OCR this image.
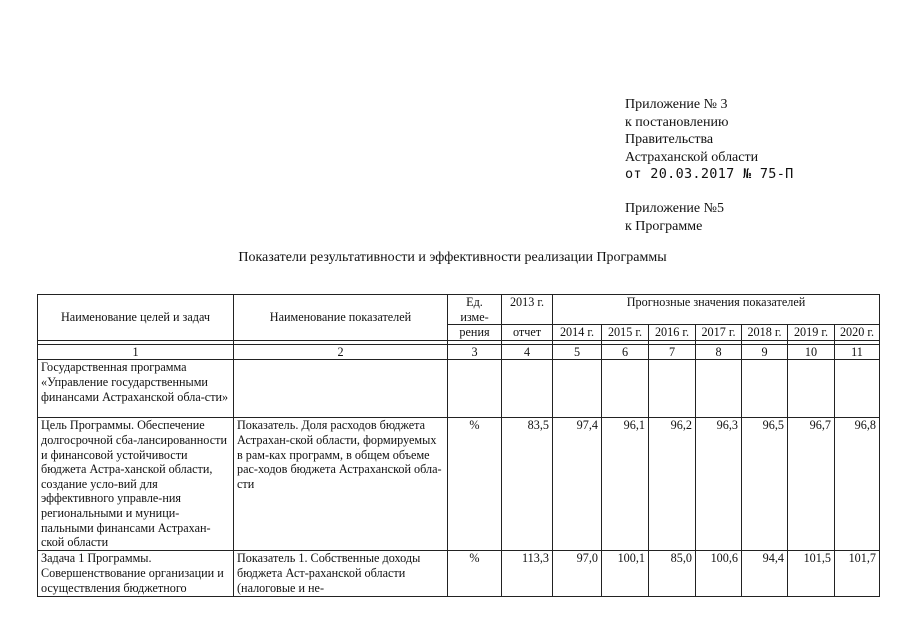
Приложение № 3
к постановлению
Правительства
Астраханской области
от 20.03.2017 № 75-П
Приложение №5
к Программе
Показатели результативности и эффективности реализации Программы
Наименование целей и задач	Наименование показателей	Ед. изме-	2013 г.	Прогнозные значения показателей						
		рения	отчет	2014 г.	2015 г.	2016 г.	2017 г.	2018 г.	2019 г.	2020 г.

1	2	3	4	5	6	7	8	9	10	11
Государственная программа «Управление государственными финансами Астраханской обла-сти»										
Цель Программы. Обеспечение долгосрочной сба-лансированности и финансовой устойчивости бюджета Астра-ханской области, создание усло-вий для эффективного управле-ния региональными и муници-пальными финансами Астрахан-ской области	Показатель. Доля расходов бюджета Астрахан-ской области, формируемых в рам-ках программ, в общем объеме рас-ходов бюджета Астраханской обла-сти	%	83,5	97,4	96,1	96,2	96,3	96,5	96,7	96,8
Задача 1 Программы. Совершенствование организации и осуществления бюджетного	Показатель 1. Собственные доходы бюджета Аст-раханской области (налоговые и не-	%	113,3	97,0	100,1	85,0	100,6	94,4	101,5	101,7
